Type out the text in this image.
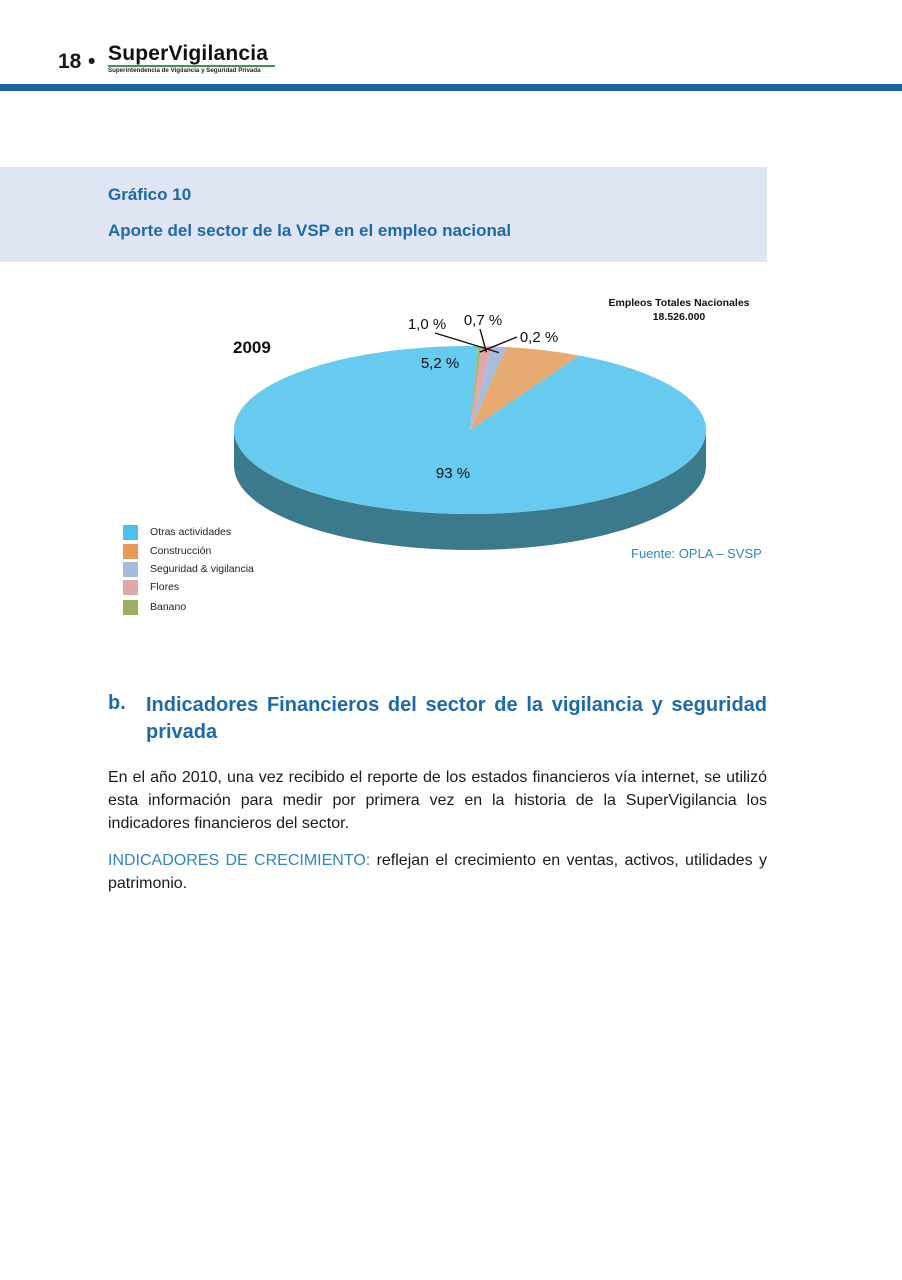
18 • SuperVigilancia
Superintendencia de Vigilancia y Seguridad Privada
Gráfico 10
Aporte del sector de la VSP en el empleo nacional
93 %
5,2 %
1,0 % 0,7 %
0,2 %
2009
Empleos Totales Nacionales
18.526.000
Otras actividades
Construcción
Seguridad & vigilancia
Flores
Banano
Fuente: OPLA – SVSP
b. Indicadores Financieros del sector de la vigilancia y seguridad privada
En el año 2010, una vez recibido el reporte de los estados financieros vía internet, se utilizó esta información para medir por primera vez en la historia de la SuperVigilancia los indicadores financieros del sector.
INDICADORES DE CRECIMIENTO: reflejan el crecimiento en ventas, activos, utilidades y patrimonio.
